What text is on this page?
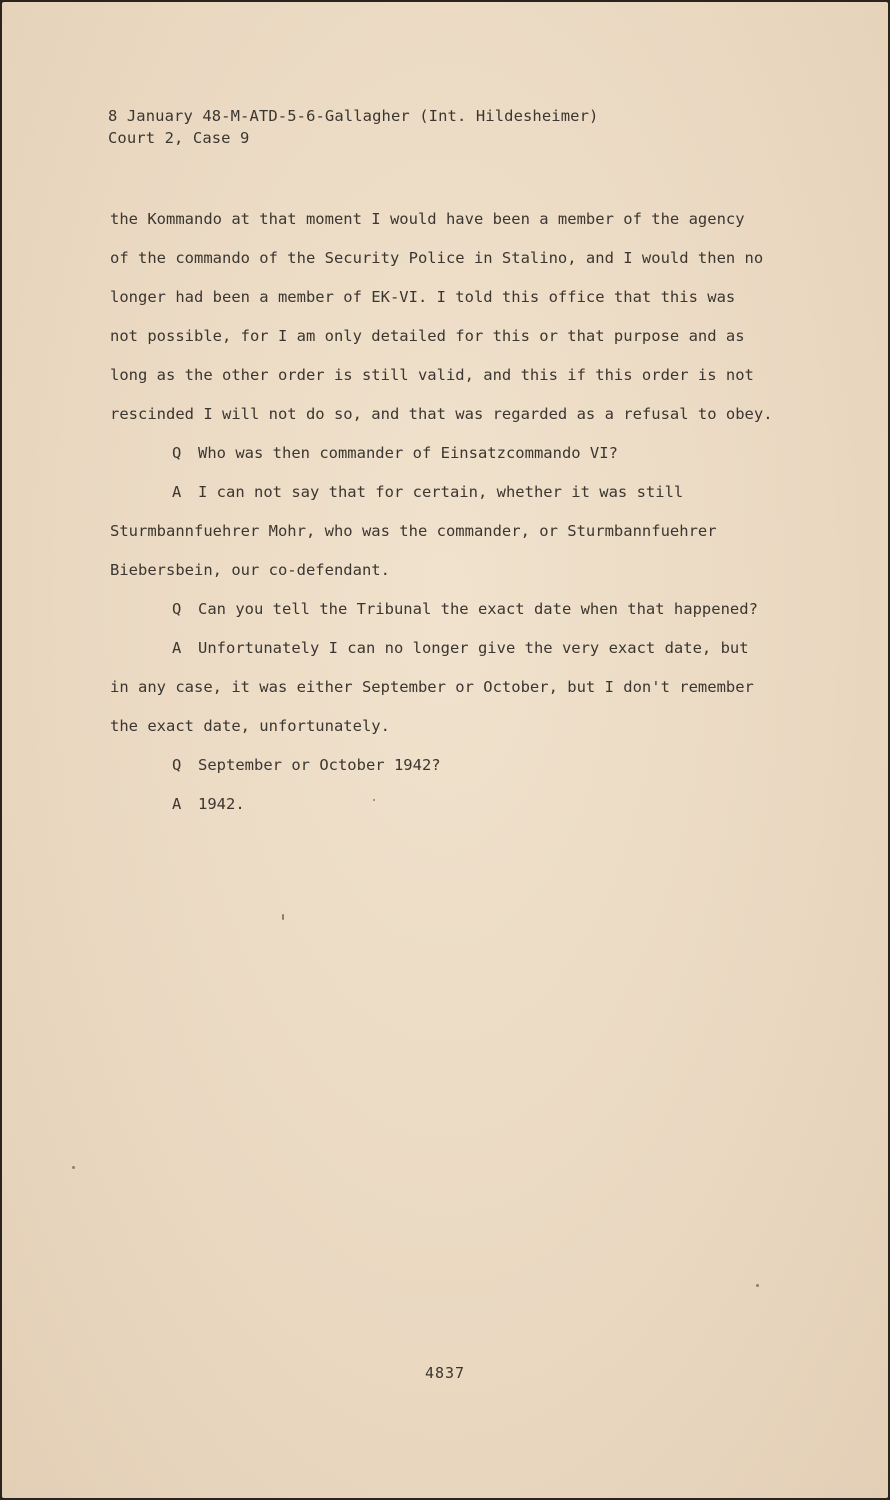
8 January 48-M-ATD-5-6-Gallagher (Int. Hildesheimer)
Court 2, Case 9
the Kommando at that moment I would have been a member of the agency
of the commando of the Security Police in Stalino, and I would then no
longer had been a member of EK-VI. I told this office that this was
not possible, for I am only detailed for this or that purpose and as
long as the other order is still valid, and this if this order is not
rescinded I will not do so, and that was regarded as a refusal to obey.
Q Who was then commander of Einsatzcommando VI?
A I can not say that for certain, whether it was still
Sturmbannfuehrer Mohr, who was the commander, or Sturmbannfuehrer
Biebersbein, our co-defendant.
Q Can you tell the Tribunal the exact date when that happened?
A Unfortunately I can no longer give the very exact date, but
in any case, it was either September or October, but I don't remember
the exact date, unfortunately.
Q September or October 1942?
A 1942.
4837
